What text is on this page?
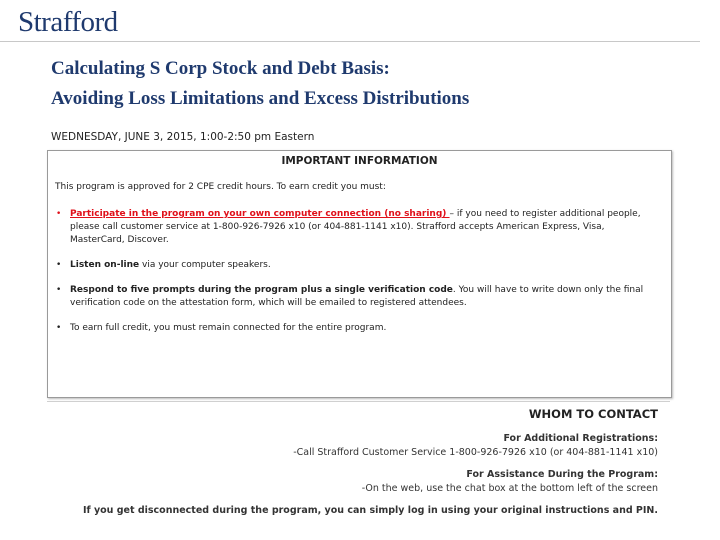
Strafford
Calculating S Corp Stock and Debt Basis:
Avoiding Loss Limitations and Excess Distributions
WEDNESDAY, JUNE 3, 2015, 1:00-2:50 pm Eastern
IMPORTANT INFORMATION
This program is approved for 2 CPE credit hours. To earn credit you must:
• Participate in the program on your own computer connection (no sharing) – if you need to register additional people, please call customer service at 1-800-926-7926 x10 (or 404-881-1141 x10). Strafford accepts American Express, Visa, MasterCard, Discover.
• Listen on-line via your computer speakers.
• Respond to five prompts during the program plus a single verification code. You will have to write down only the final verification code on the attestation form, which will be emailed to registered attendees.
• To earn full credit, you must remain connected for the entire program.
WHOM TO CONTACT
For Additional Registrations:
-Call Strafford Customer Service 1-800-926-7926 x10 (or 404-881-1141 x10)
For Assistance During the Program:
-On the web, use the chat box at the bottom left of the screen
If you get disconnected during the program, you can simply log in using your original instructions and PIN.
